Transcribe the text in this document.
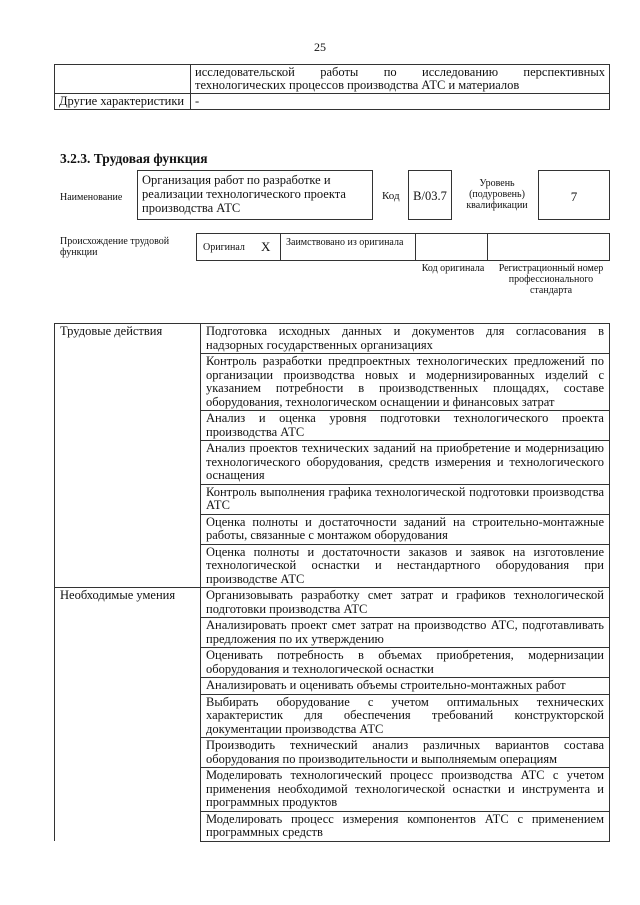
25

	исследовательской работы по исследованию перспективных
технологических процессов производства АТС и материалов

Другие характеристики	-
3.2.3. Трудовая функция
Наименование
Организация работ по разработке и реализации технологического проекта производства АТС
Код	В/03.7
Уровень (подуровень) квалификации
7
Происхождение трудовой функции	Оригинал X Заимствовано из оригинала
Код оригинала	Регистрационный номер профессионального стандарта
Трудовые действия	Подготовка исходных данных и документов для согласования в надзорных государственных организациях
	Контроль разработки предпроектных технологических предложений по организации производства новых и модернизированных изделий с указанием потребности в производственных площадях, составе оборудования, технологическом оснащении и финансовых затрат
	Анализ и оценка уровня подготовки технологического проекта производства АТС
	Анализ проектов технических заданий на приобретение и модернизацию технологического оборудования, средств измерения и технологического оснащения
	Контроль выполнения графика технологической подготовки производства АТС
	Оценка полноты и достаточности заданий на строительно-монтажные работы, связанные с монтажом оборудования
	Оценка полноты и достаточности заказов и заявок на изготовление технологической оснастки и нестандартного оборудования при производстве АТС
Необходимые умения	Организовывать разработку смет затрат и графиков технологической подготовки производства АТС
	Анализировать проект смет затрат на производство АТС, подготавливать предложения по их утверждению
	Оценивать потребность в объемах приобретения, модернизации оборудования и технологической оснастки
	Анализировать и оценивать объемы строительно-монтажных работ
	Выбирать оборудование с учетом оптимальных технических характеристик для обеспечения требований конструкторской документации производства АТС
	Производить технический анализ различных вариантов состава оборудования по производительности и выполняемым операциям
	Моделировать технологический процесс производства АТС с учетом применения необходимой технологической оснастки и инструмента и программных продуктов
	Моделировать процесс измерения компонентов АТС с применением программных средств
